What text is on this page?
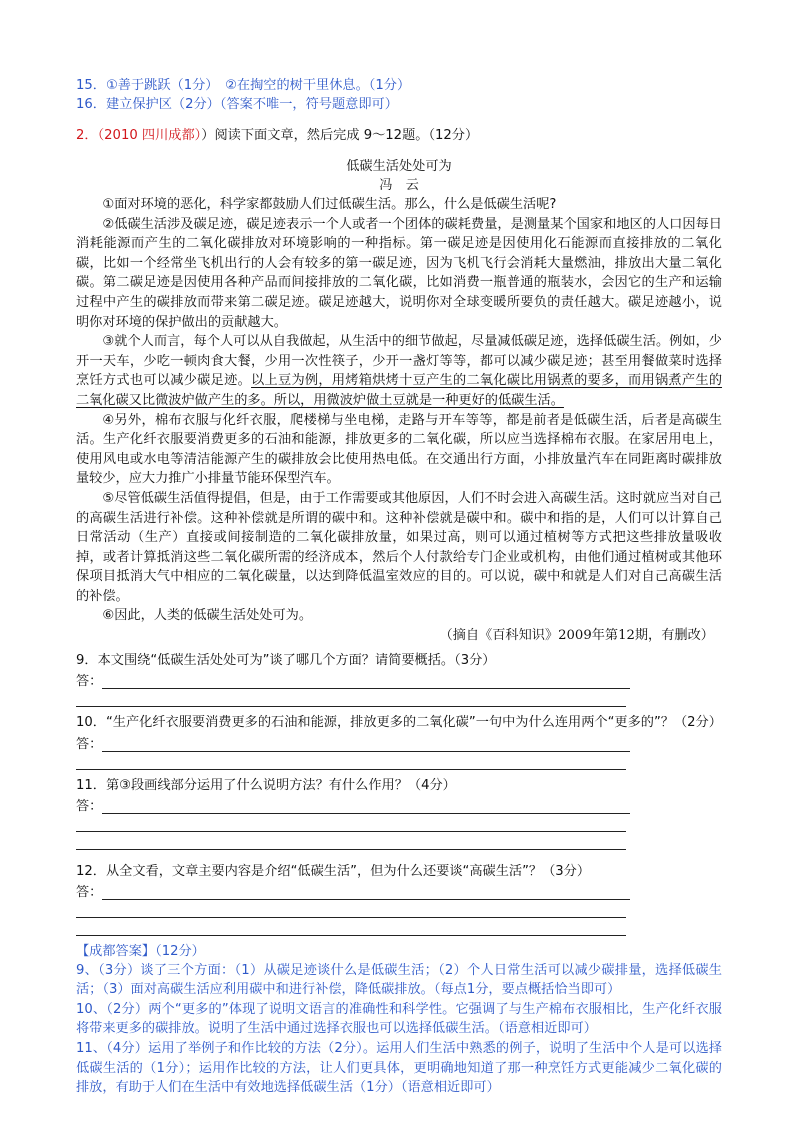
15．①善于跳跃（1分）　②在掏空的树干里休息。（1分）
16．建立保护区（2分）（答案不唯一，符号题意即可）
2．（2010 四川成都））阅读下面文章，然后完成 9～12题。（12分）
低碳生活处处可为
冯　云
①面对环境的恶化，科学家都鼓励人们过低碳生活。那么，什么是低碳生活呢?
②低碳生活涉及碳足迹，碳足迹表示一个人或者一个团体的碳耗费量，是测量某个国家和地区的人口因每日消耗能源而产生的二氧化碳排放对环境影响的一种指标。第一碳足迹是因使用化石能源而直接排放的二氧化碳，比如一个经常坐飞机出行的人会有较多的第一碳足迹，因为飞机飞行会消耗大量燃油，排放出大量二氧化碳。第二碳足迹是因使用各种产品而间接排放的二氧化碳，比如消费一瓶普通的瓶装水，会因它的生产和运输过程中产生的碳排放而带来第二碳足迹。碳足迹越大，说明你对全球变暖所要负的责任越大。碳足迹越小，说明你对环境的保护做出的贡献越大。
③就个人而言，每个人可以从自我做起，从生活中的细节做起，尽量减低碳足迹，选择低碳生活。例如，少开一天车，少吃一顿肉食大餐，少用一次性筷子，少开一盏灯等等，都可以减少碳足迹；甚至用餐做菜时选择烹饪方式也可以减少碳足迹。以上豆为例，用烤箱烘烤十豆产生的二氧化碳比用锅煮的要多，而用锅煮产生的二氧化碳又比微波炉做产生的多。所以，用微波炉做土豆就是一种更好的低碳生活。
④另外，棉布衣服与化纤衣服，爬楼梯与坐电梯，走路与开车等等，都是前者是低碳生活，后者是高碳生活。生产化纤衣服要消费更多的石油和能源，排放更多的二氧化碳，所以应当选择棉布衣服。在家居用电上，使用风电或水电等清洁能源产生的碳排放会比使用热电低。在交通出行方面，小排放量汽车在同距离时碳排放量较少，应大力推广小排量节能环保型汽车。
⑤尽管低碳生活值得提倡，但是，由于工作需要或其他原因，人们不时会进入高碳生活。这时就应当对自己的高碳生活进行补偿。这种补偿就是所谓的碳中和。这种补偿就是碳中和。碳中和指的是，人们可以计算自己日常活动（生产）直接或间接制造的二氧化碳排放量，如果过高，则可以通过植树等方式把这些排放量吸收掉，或者计算抵消这些二氧化碳所需的经济成本，然后个人付款给专门企业或机构，由他们通过植树或其他环保项目抵消大气中相应的二氧化碳量，以达到降低温室效应的目的。可以说，碳中和就是人们对自己高碳生活的补偿。
⑥因此，人类的低碳生活处处可为。
（摘自《百科知识》2009年第12期，有删改）
9．本文围绕“低碳生活处处可为”谈了哪几个方面？请简要概括。（3分）
答：
10．“生产化纤衣服要消费更多的石油和能源，排放更多的二氧化碳”一句中为什么连用两个“更多的”？（2分）
答：
11．第③段画线部分运用了什么说明方法？有什么作用？（4分）
答：
12．从全文看，文章主要内容是介绍“低碳生活”，但为什么还要谈“高碳生活”？（3分）
答：
【成都答案】（12分）
9、（3分）谈了三个方面：（1）从碳足迹谈什么是低碳生活；（2）个人日常生活可以减少碳排量，选择低碳生活；（3）面对高碳生活应利用碳中和进行补偿，降低碳排放。（每点1分，要点概括恰当即可）
10、（2分）两个“更多的”体现了说明文语言的准确性和科学性。它强调了与生产棉布衣服相比，生产化纤衣服将带来更多的碳排放。说明了生活中通过选择衣服也可以选择低碳生活。（语意相近即可）
11、（4分）运用了举例子和作比较的方法（2分）。运用人们生活中熟悉的例子，说明了生活中个人是可以选择低碳生活的（1分）；运用作比较的方法，让人们更具体，更明确地知道了那一种烹饪方式更能减少二氧化碳的排放，有助于人们在生活中有效地选择低碳生活（1分）（语意相近即可）
